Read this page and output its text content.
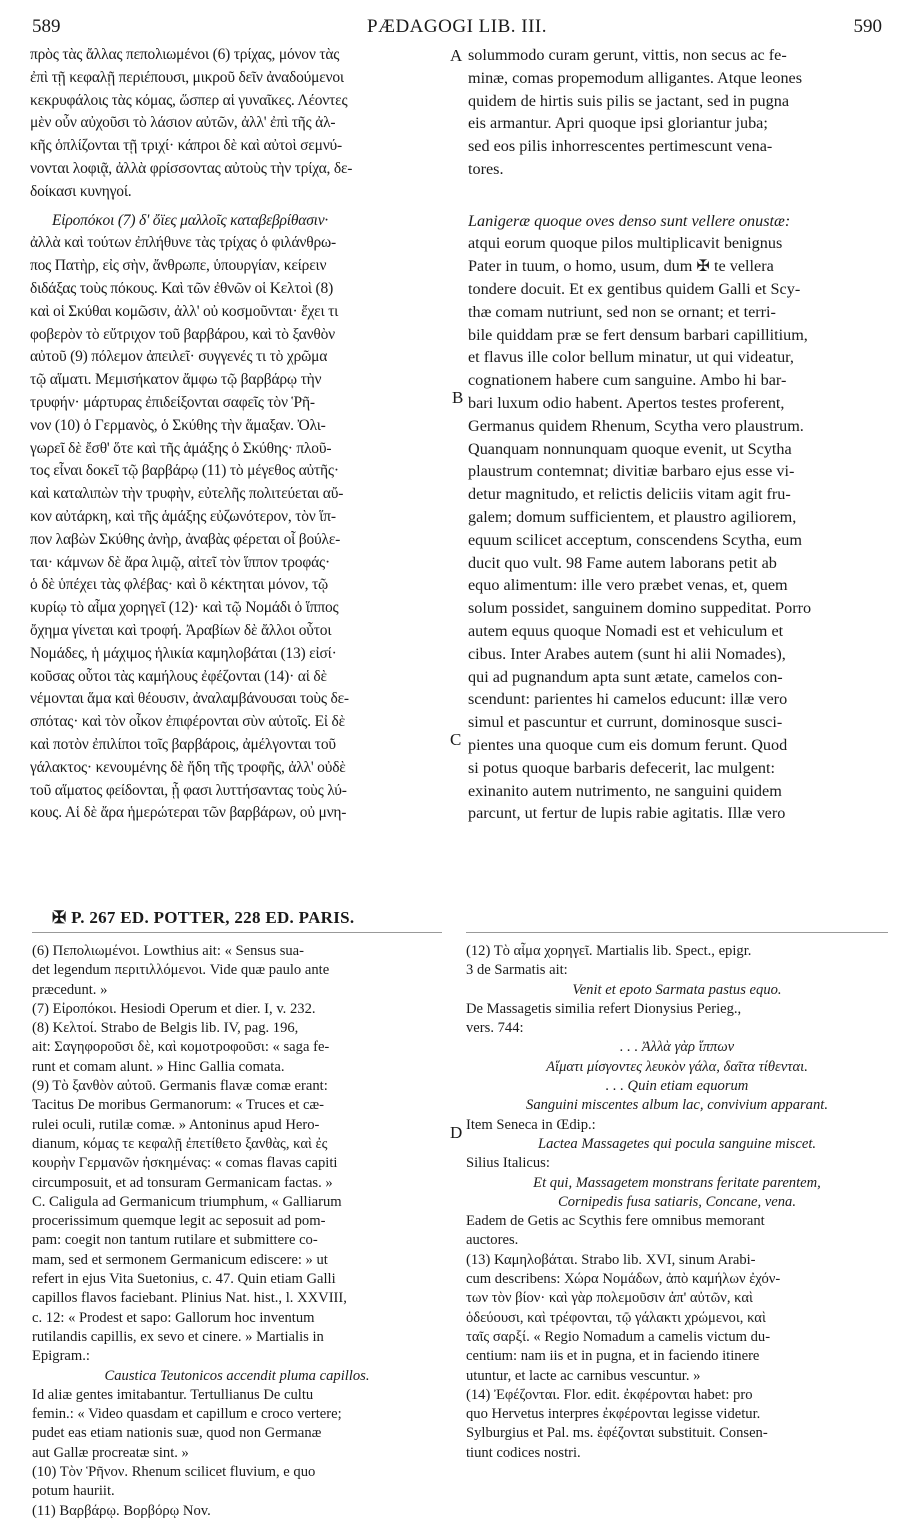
589	PÆDAGOGI LIB. III.	590
πρὸς τὰς ἄλλας πεπολιωμένοι (6) τρίχας, μόνον τὰς
ἐπὶ τῇ κεφαλῇ περιέπουσι, μικροῦ δεῖν ἀναδούμενοι
κεκρυφάλοις τὰς κόμας, ὥσπερ αἱ γυναῖκες. Λέοντες
μὲν οὖν αὐχοῦσι τὸ λάσιον αὐτῶν, ἀλλ' ἐπὶ τῆς ἀλ-
κῆς ὁπλίζονται τῇ τριχί· κάπροι δὲ καὶ αὐτοὶ σεμνύ-
νονται λοφιᾷ, ἀλλὰ φρίσσοντας αὐτοὺς τὴν τρίχα, δε-
δοίκασι κυνηγοί.
Εἰροπόκοι (7) δ' ὄϊες μαλλοῖς καταβεβρίθασιν·
ἀλλὰ καὶ τούτων ἐπλήθυνε τὰς τρίχας ὁ φιλάνθρω-
πος Πατὴρ, εἰς σὴν, ἄνθρωπε, ὑπουργίαν, κείρειν
διδάξας τοὺς πόκους. Καὶ τῶν ἐθνῶν οἱ Κελτοὶ (8)
καὶ οἱ Σκύθαι κομῶσιν, ἀλλ' οὐ κοσμοῦνται· ἔχει τι
φοβερὸν τὸ εὔτριχον τοῦ βαρβάρου, καὶ τὸ ξανθὸν
αὐτοῦ (9) πόλεμον ἀπειλεῖ· συγγενές τι τὸ χρῶμα
τῷ αἵματι. Μεμισήκατον ἄμφω τῷ βαρβάρῳ τὴν
τρυφήν· μάρτυρας ἐπιδείξονται σαφεῖς τὸν Ῥῆ-
νον (10) ὁ Γερμανὸς, ὁ Σκύθης τὴν ἅμαξαν. Ὀλι-
γωρεῖ δὲ ἔσθ' ὅτε καὶ τῆς ἁμάξης ὁ Σκύθης· πλοῦ-
τος εἶναι δοκεῖ τῷ βαρβάρῳ (11) τὸ μέγεθος αὐτῆς·
καὶ καταλιπὼν τὴν τρυφὴν, εὐτελῆς πολιτεύεται αὔ-
κον αὐτάρκη, καὶ τῆς ἁμάξης εὐζωνότερον, τὸν ἵπ-
πον λαβὼν Σκύθης ἀνὴρ, ἀναβὰς φέρεται οἷ βούλε-
ται· κάμνων δὲ ἄρα λιμῷ, αἰτεῖ τὸν ἵππον τροφάς·
ὁ δὲ ὑπέχει τὰς φλέβας· καὶ ὃ κέκτηται μόνον, τῷ
κυρίῳ τὸ αἷμα χορηγεῖ (12)· καὶ τῷ Νομάδι ὁ ἵππος
ὄχημα γίνεται καὶ τροφή. Ἀραβίων δὲ ἄλλοι οὗτοι
Νομάδες, ἡ μάχιμος ἡλικία καμηλοβάται (13) εἰσί·
κοῦσας οὗτοι τὰς καμήλους ἐφέζονται (14)· αἱ δὲ
νέμονται ἅμα καὶ θέουσιν, ἀναλαμβάνουσαι τοὺς δε-
σπότας· καὶ τὸν οἶκον ἐπιφέρονται σὺν αὑτοῖς. Εἰ δὲ
καὶ ποτὸν ἐπιλίποι τοῖς βαρβάροις, ἀμέλγονται τοῦ
γάλακτος· κενουμένης δὲ ἤδη τῆς τροφῆς, ἀλλ' οὐδὲ
τοῦ αἵματος φείδονται, ᾗ φασι λυττήσαντας τοὺς λύ-
κους. Αἱ δὲ ἄρα ἡμερώτεραι τῶν βαρβάρων, οὐ μνη-
solummodo curam gerunt, vittis, non secus ac fe-
minæ, comas propemodum alligantes. Atque leones
quidem de hirtis suis pilis se jactant, sed in pugna
eis armantur. Apri quoque ipsi gloriantur juba;
sed eos pilis inhorrescentes pertimescunt vena-
tores.
Lanigeræ quoque oves denso sunt vellere onustæ:
atqui eorum quoque pilos multiplicavit benignus
Pater in tuum, o homo, usum, dum ✠ te vellera
tondere docuit. Et ex gentibus quidem Galli et Scy-
thæ comam nutriunt, sed non se ornant; et terri-
bile quiddam præ se fert densum barbari capillitium,
et flavus ille color bellum minatur, ut qui videatur,
cognationem habere cum sanguine. Ambo hi bar-
bari luxum odio habent. Apertos testes proferent,
Germanus quidem Rhenum, Scytha vero plaustrum.
Quanquam nonnunquam quoque evenit, ut Scytha
plaustrum contemnat; divitiæ barbaro ejus esse vi-
detur magnitudo, et relictis deliciis vitam agit fru-
galem; domum sufficientem, et plaustro agiliorem,
equum scilicet acceptum, conscendens Scytha, eum
ducit quo vult. 98 Fame autem laborans petit ab
equo alimentum: ille vero præbet venas, et, quem
solum possidet, sanguinem domino suppeditat. Porro
autem equus quoque Nomadi est et vehiculum et
cibus. Inter Arabes autem (sunt hi alii Nomades),
qui ad pugnandum apta sunt ætate, camelos con-
scendunt: parientes hi camelos educunt: illæ vero
simul et pascuntur et currunt, dominosque susci-
pientes una quoque cum eis domum ferunt. Quod
si potus quoque barbaris defecerit, lac mulgent:
exinanito autem nutrimento, ne sanguini quidem
parcunt, ut fertur de lupis rabie agitatis. Illæ vero
A
B
C
D
✠ P. 267 ED. POTTER, 228 ED. PARIS.
(6) Πεπολιωμένοι. Lowthius ait: « Sensus sua-
det legendum περιτιλλόμενοι. Vide quæ paulo ante
præcedunt. »
(7) Εἰροπόκοι. Hesiodi Operum et dier. I, v. 232.
(8) Κελτοί. Strabo de Belgis lib. IV, pag. 196,
ait: Σαγηφοροῦσι δὲ, καὶ κομοτροφοῦσι: « saga fe-
runt et comam alunt. » Hinc Gallia comata.
(9) Τὸ ξανθὸν αὐτοῦ. Germanis flavæ comæ erant:
Tacitus De moribus Germanorum: « Truces et cæ-
rulei oculi, rutilæ comæ. » Antoninus apud Hero-
dianum, κόμας τε κεφαλῇ ἐπετίθετο ξανθὰς, καὶ ἐς
κουρὴν Γερμανῶν ἠσκημένας: « comas flavas capiti
circumposuit, et ad tonsuram Germanicam factas. »
C. Caligula ad Germanicum triumphum, « Galliarum
procerissimum quemque legit ac seposuit ad pom-
pam: coegit non tantum rutilare et submittere co-
mam, sed et sermonem Germanicum ediscere: » ut
refert in ejus Vita Suetonius, c. 47. Quin etiam Galli
capillos flavos faciebant. Plinius Nat. hist., l. XXVIII,
c. 12: « Prodest et sapo: Gallorum hoc inventum
rutilandis capillis, ex sevo et cinere. » Martialis in
Epigram.:
Caustica Teutonicos accendit pluma capillos.
Id aliæ gentes imitabantur. Tertullianus De cultu
femin.: « Video quasdam et capillum e croco vertere;
pudet eas etiam nationis suæ, quod non Germanæ
aut Gallæ procreatæ sint. »
(10) Τὸν Ῥῆνον. Rhenum scilicet fluvium, e quo
potum hauriit.
(11) Βαρβάρῳ. Βορβόρῳ Nov.
(12) Τὸ αἷμα χορηγεῖ. Martialis lib. Spect., epigr.
3 de Sarmatis ait:
Venit et epoto Sarmata pastus equo.
De Massagetis similia refert Dionysius Perieg.,
vers. 744:
. . . Ἀλλὰ γὰρ ἵππων
Αἵματι μίσγοντες λευκὸν γάλα, δαῖτα τίθενται.
. . . Quin etiam equorum
Sanguini miscentes album lac, convivium apparant.
Item Seneca in Œdip.:
Lactea Massagetes qui pocula sanguine miscet.
Silius Italicus:
Et qui, Massagetem monstrans feritate parentem,
Cornipedis fusa satiaris, Concane, vena.
Eadem de Getis ac Scythis fere omnibus memorant
auctores.
(13) Καμηλοβάται. Strabo lib. XVI, sinum Arabi-
cum describens: Χώρα Νομάδων, ἀπὸ καμήλων ἐχόν-
των τὸν βίον· καὶ γὰρ πολεμοῦσιν ἀπ' αὐτῶν, καὶ
ὁδεύουσι, καὶ τρέφονται, τῷ γάλακτι χρώμενοι, καὶ
ταῖς σαρξί. « Regio Nomadum a camelis victum du-
centium: nam iis et in pugna, et in faciendo itinere
utuntur, et lacte ac carnibus vescuntur. »
(14) Ἐφέζονται. Flor. edit. ἐκφέρονται habet: pro
quo Hervetus interpres ἐκφέρονται legisse videtur.
Sylburgius et Pal. ms. ἐφέζονται substituit. Consen-
tiunt codices nostri.
